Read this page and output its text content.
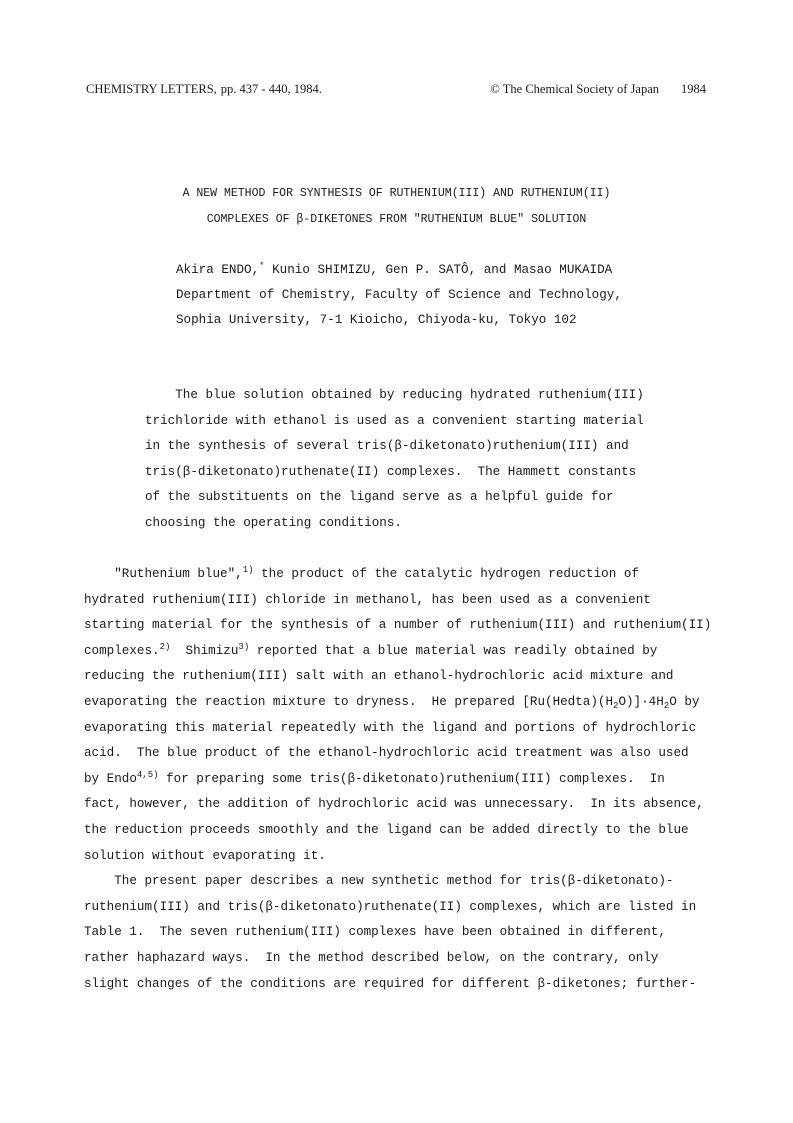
CHEMISTRY LETTERS, pp. 437 - 440, 1984.	© The Chemical Society of Japan 1984
A NEW METHOD FOR SYNTHESIS OF RUTHENIUM(III) AND RUTHENIUM(II)
COMPLEXES OF β-DIKETONES FROM "RUTHENIUM BLUE" SOLUTION
Akira ENDO,* Kunio SHIMIZU, Gen P. SATÔ, and Masao MUKAIDA
Department of Chemistry, Faculty of Science and Technology,
Sophia University, 7-1 Kioicho, Chiyoda-ku, Tokyo 102
The blue solution obtained by reducing hydrated ruthenium(III)
trichloride with ethanol is used as a convenient starting material
in the synthesis of several tris(β-diketonato)ruthenium(III) and
tris(β-diketonato)ruthenate(II) complexes.  The Hammett constants
of the substituents on the ligand serve as a helpful guide for
choosing the operating conditions.
"Ruthenium blue",$^{1)}$ the product of the catalytic hydrogen reduction of
hydrated ruthenium(III) chloride in methanol, has been used as a convenient
starting material for the synthesis of a number of ruthenium(III) and ruthenium(II)
complexes.$^{2)}$  Shimizu$^{3)}$ reported that a blue material was readily obtained by
reducing the ruthenium(III) salt with an ethanol-hydrochloric acid mixture and
evaporating the reaction mixture to dryness.  He prepared $[Ru(Hedta)(H_2O)]\cdot 4H_2O$ by
evaporating this material repeatedly with the ligand and portions of hydrochloric
acid.  The blue product of the ethanol-hydrochloric acid treatment was also used
by Endo$^{4,5)}$ for preparing some tris(β-diketonato)ruthenium(III) complexes.  In
fact, however, the addition of hydrochloric acid was unnecessary.  In its absence,
the reduction proceeds smoothly and the ligand can be added directly to the blue
solution without evaporating it.
The present paper describes a new synthetic method for tris(β-diketonato)-
ruthenium(III) and tris(β-diketonato)ruthenate(II) complexes, which are listed in
Table 1.  The seven ruthenium(III) complexes have been obtained in different,
rather haphazard ways.  In the method described below, on the contrary, only
slight changes of the conditions are required for different β-diketones; further-
